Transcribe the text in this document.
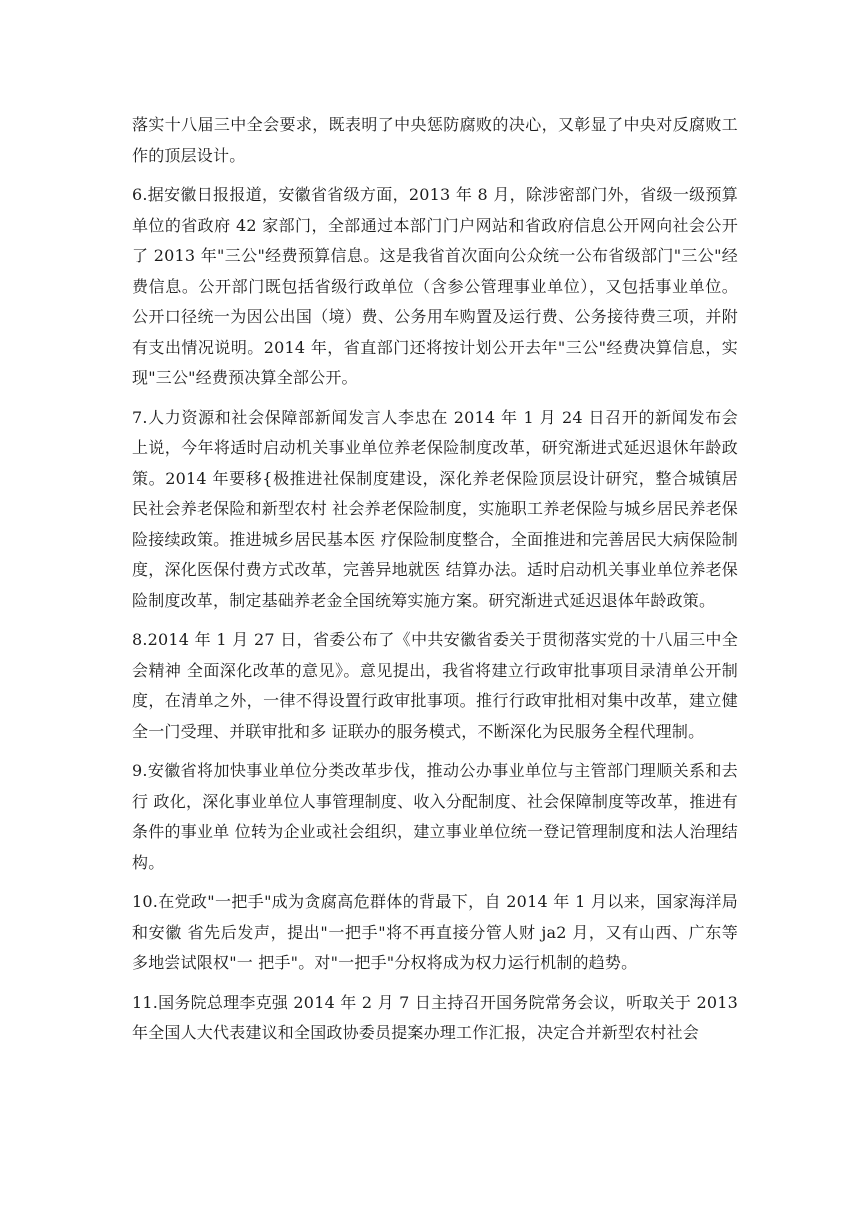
落实十八届三中全会要求，既表明了中央惩防腐败的决心，又彰显了中央对反腐败工作的顶层设计。

6.据安徽日报报道，安徽省省级方面，2013 年 8 月，除涉密部门外，省级一级预算单位的省政府 42 家部门，全部通过本部门门户网站和省政府信息公开网向社会公开了 2013 年"三公"经费预算信息。这是我省首次面向公众统一公布省级部门"三公"经费信息。公开部门既包括省级行政单位（含参公管理事业单位），又包括事业单位。公开口径统一为因公出国（境）费、公务用车购置及运行费、公务接待费三项，并附有支出情况说明。2014 年，省直部门还将按计划公开去年"三公"经费决算信息，实现"三公"经费预决算全部公开。

7.人力资源和社会保障部新闻发言人李忠在 2014 年 1 月 24 日召开的新闻发布会上说，今年将适时启动机关事业单位养老保险制度改革，研究渐进式延迟退休年龄政策。2014 年要移{极推进社保制度建设，深化养老保险顶层设计研究，整合城镇居民社会养老保险和新型农村 社会养老保险制度，实施职工养老保险与城乡居民养老保险接续政策。推进城乡居民基本医 疗保险制度整合，全面推进和完善居民大病保险制度，深化医保付费方式改革，完善异地就医 结算办法。适时启动机关事业单位养老保险制度改革，制定基础养老金全国统筹实施方案。研究渐进式延迟退体年龄政策。

8.2014 年 1 月 27 日，省委公布了《中共安徽省委关于贯彻落实党的十八届三中全会精神 全面深化改革的意见》。意见提出，我省将建立行政审批事项目录清单公开制度，在清单之外，一律不得设置行政审批事项。推行行政审批相对集中改革，建立健全一门受理、并联审批和多 证联办的服务模式，不断深化为民服务全程代理制。

9.安徽省将加快事业单位分类改革步伐，推动公办事业单位与主管部门理顺关系和去行 政化，深化事业单位人事管理制度、收入分配制度、社会保障制度等改革，推进有条件的事业单 位转为企业或社会组织，建立事业单位统一登记管理制度和法人治理结构。

10.在党政"一把手"成为贪腐高危群体的背最下，自 2014 年 1 月以来，国家海洋局和安徽 省先后发声，提出"一把手"将不再直接分管人财 ja2 月，又有山西、广东等多地尝试限权"一 把手"。对"一把手"分权将成为权力运行机制的趋势。

11.国务院总理李克强 2014 年 2 月 7 日主持召开国务院常务会议，听取关于 2013 年全国人大代表建议和全国政协委员提案办理工作汇报，决定合并新型农村社会
